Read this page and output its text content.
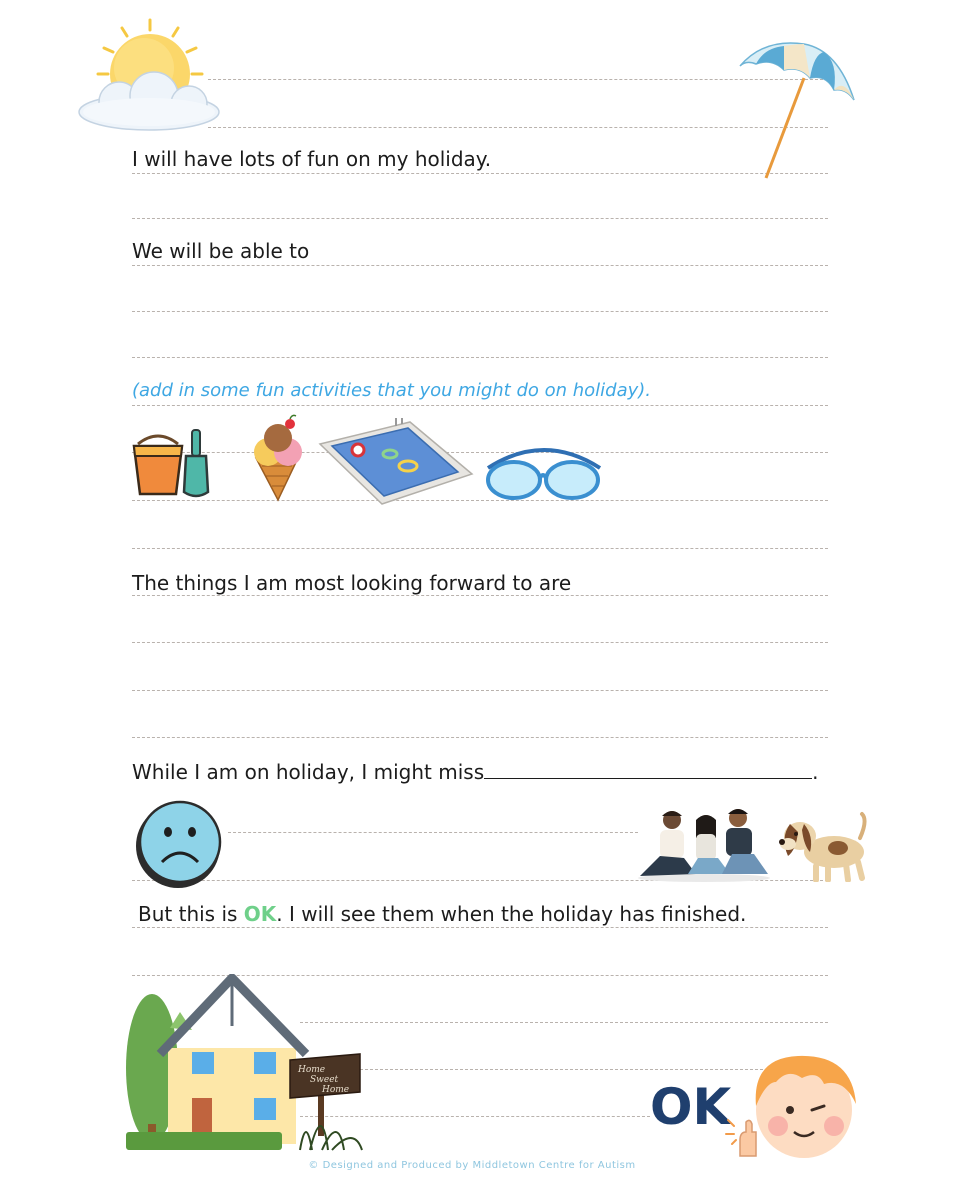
I will have lots of fun on my holiday.
We will be able to
(add in some fun activities that you might do on holiday).
The things I am most looking forward to are
While I am on holiday, I might miss	.
But this is OK. I will see them when the holiday has finished.
Home
Sweet
Home	OK
© Designed and Produced by Middletown Centre for Autism
